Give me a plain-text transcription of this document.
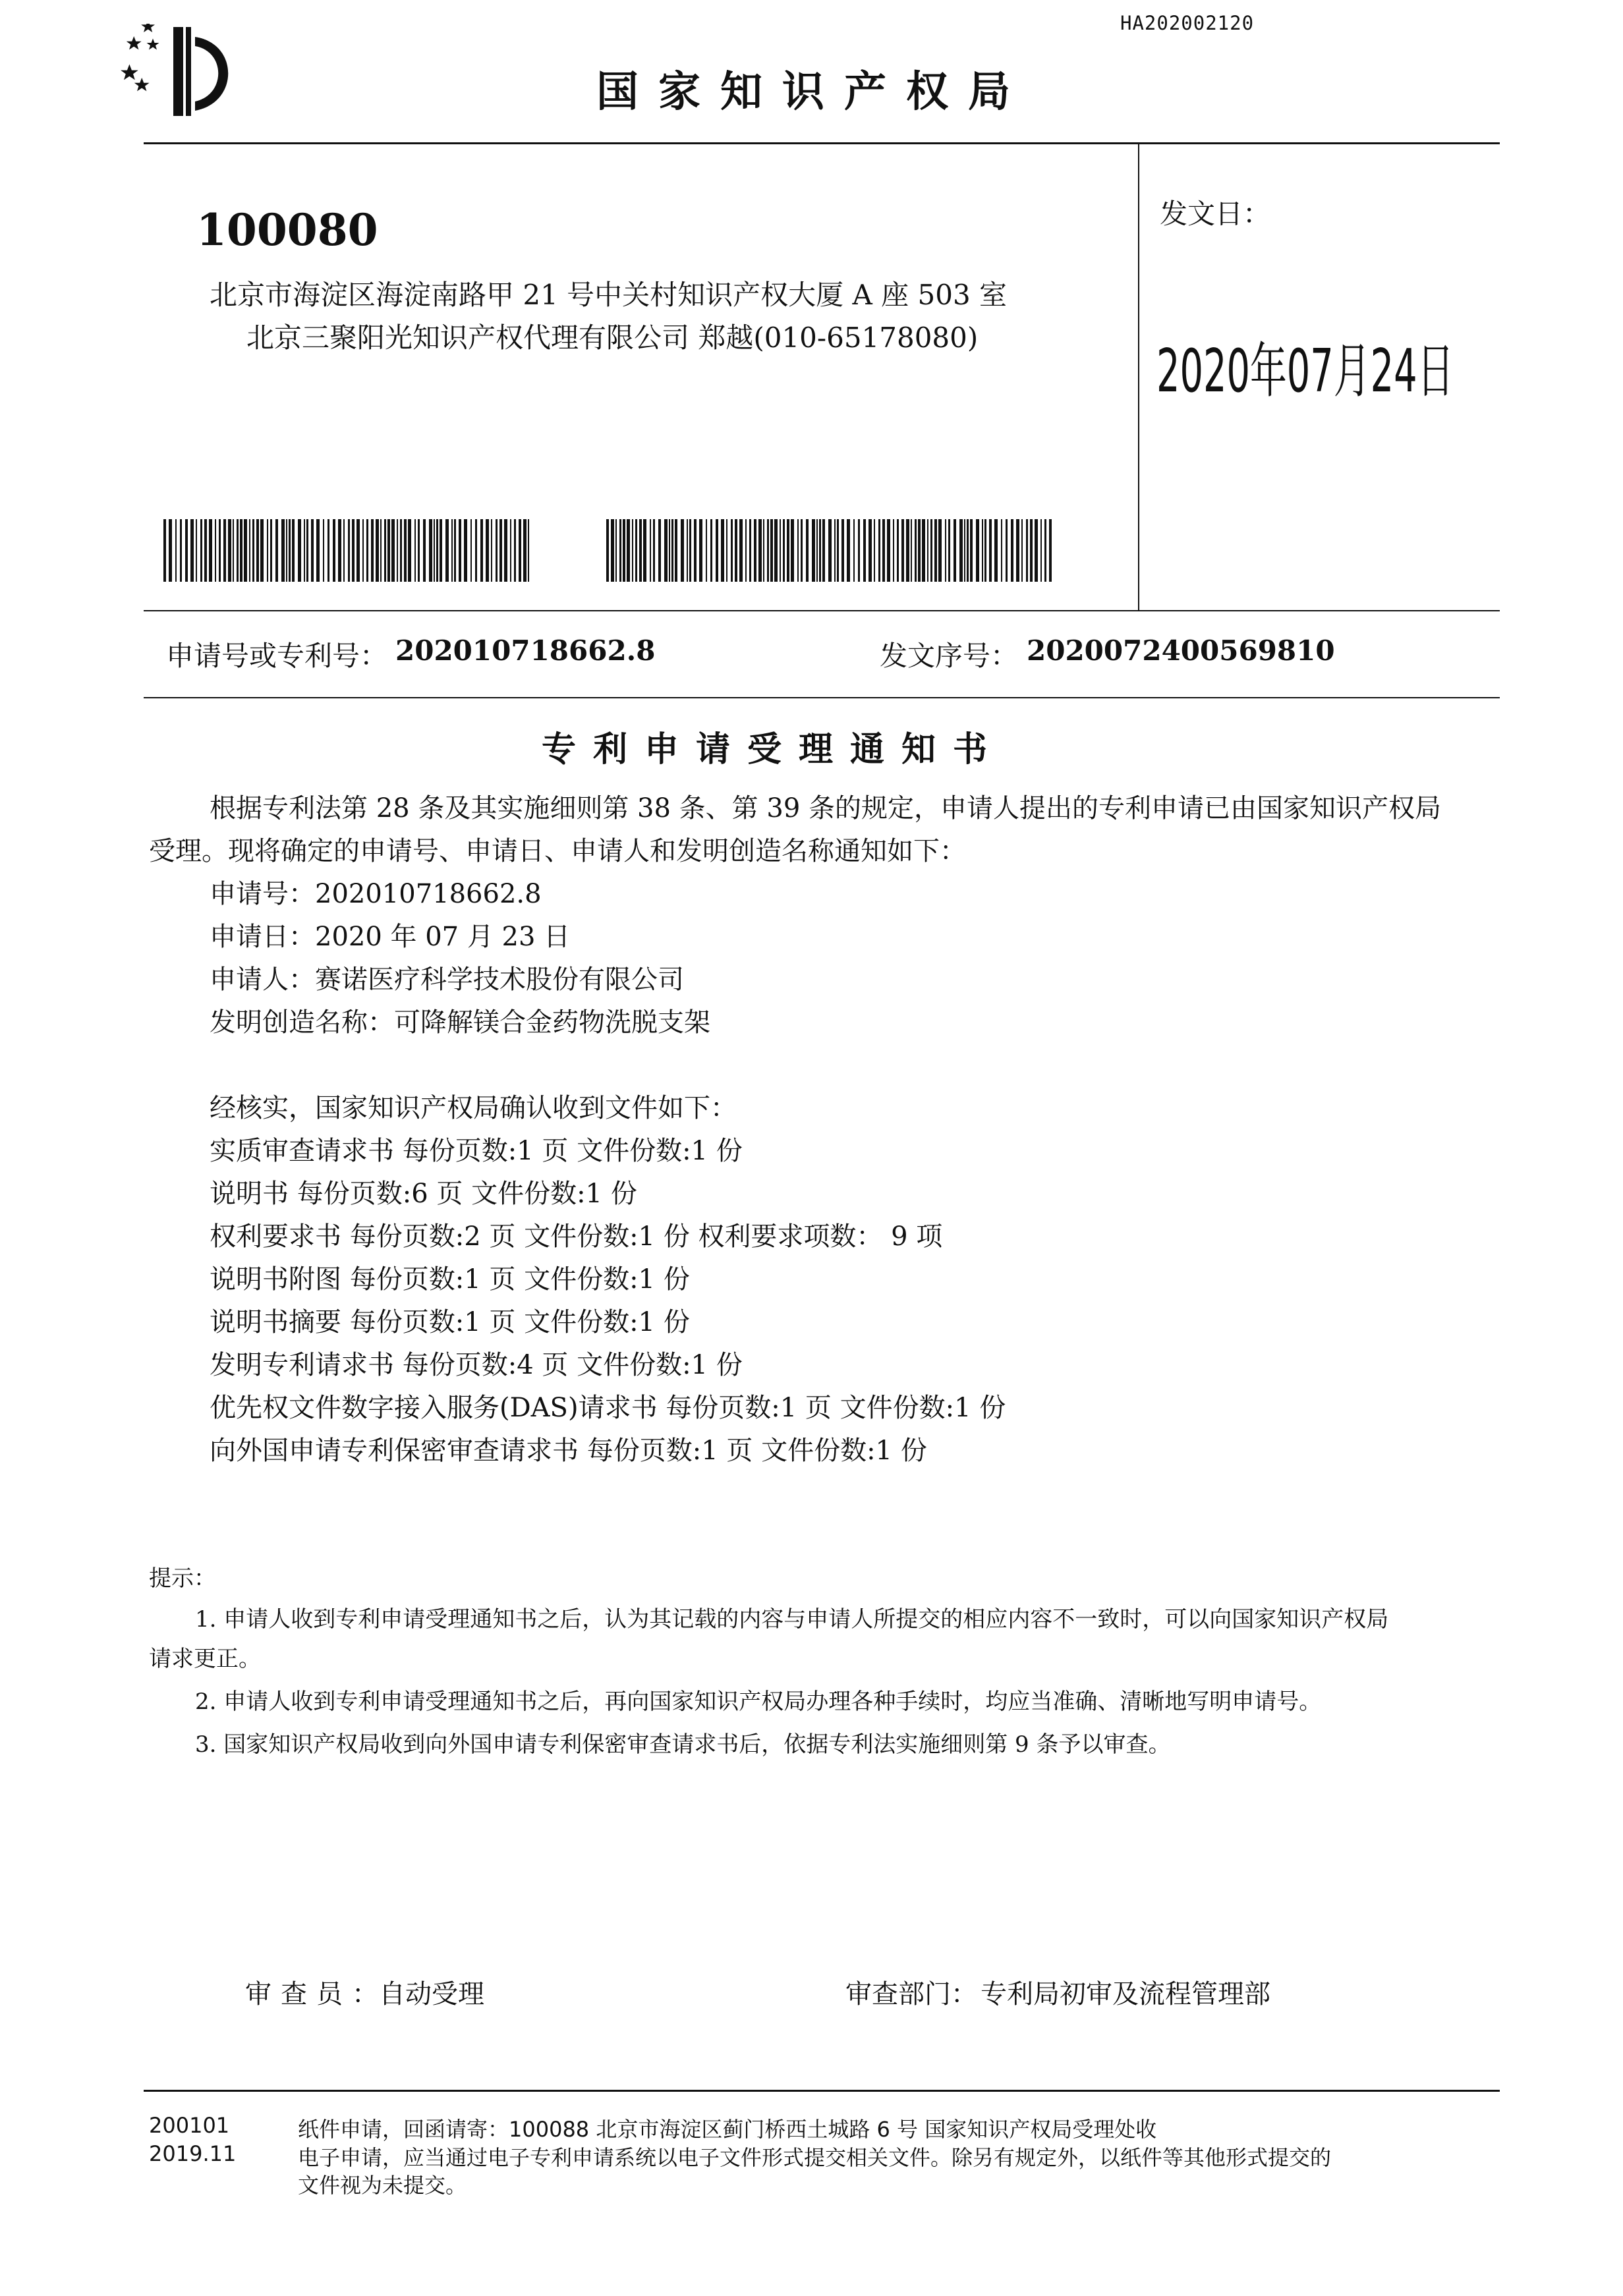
HA202002120
国家知识产权局
100080
北京市海淀区海淀南路甲 21 号中关村知识产权大厦 A 座 503 室
北京三聚阳光知识产权代理有限公司 郑越(010-65178080)
发文日：
2020年07月24日
申请号或专利号： 202010718662.8	发文序号： 2020072400569810
专利申请受理通知书
根据专利法第 28 条及其实施细则第 38 条、第 39 条的规定，申请人提出的专利申请已由国家知识产权局
受理。现将确定的申请号、申请日、申请人和发明创造名称通知如下：
申请号：202010718662.8
申请日：2020 年 07 月 23 日
申请人：赛诺医疗科学技术股份有限公司
发明创造名称：可降解镁合金药物洗脱支架
经核实，国家知识产权局确认收到文件如下：
实质审查请求书 每份页数:1 页 文件份数:1 份
说明书 每份页数:6 页 文件份数:1 份
权利要求书 每份页数:2 页 文件份数:1 份 权利要求项数： 9 项
说明书附图 每份页数:1 页 文件份数:1 份
说明书摘要 每份页数:1 页 文件份数:1 份
发明专利请求书 每份页数:4 页 文件份数:1 份
优先权文件数字接入服务(DAS)请求书 每份页数:1 页 文件份数:1 份
向外国申请专利保密审查请求书 每份页数:1 页 文件份数:1 份
提示：
1. 申请人收到专利申请受理通知书之后，认为其记载的内容与申请人所提交的相应内容不一致时，可以向国家知识产权局
请求更正。
2. 申请人收到专利申请受理通知书之后，再向国家知识产权局办理各种手续时，均应当准确、清晰地写明申请号。
3. 国家知识产权局收到向外国申请专利保密审查请求书后，依据专利法实施细则第 9 条予以审查。
审查员：
自动受理	审查部门： 专利局初审及流程管理部
200101
2019.11
纸件申请，回函请寄：100088 北京市海淀区蓟门桥西土城路 6 号 国家知识产权局受理处收
电子申请，应当通过电子专利申请系统以电子文件形式提交相关文件。除另有规定外，以纸件等其他形式提交的
文件视为未提交。
